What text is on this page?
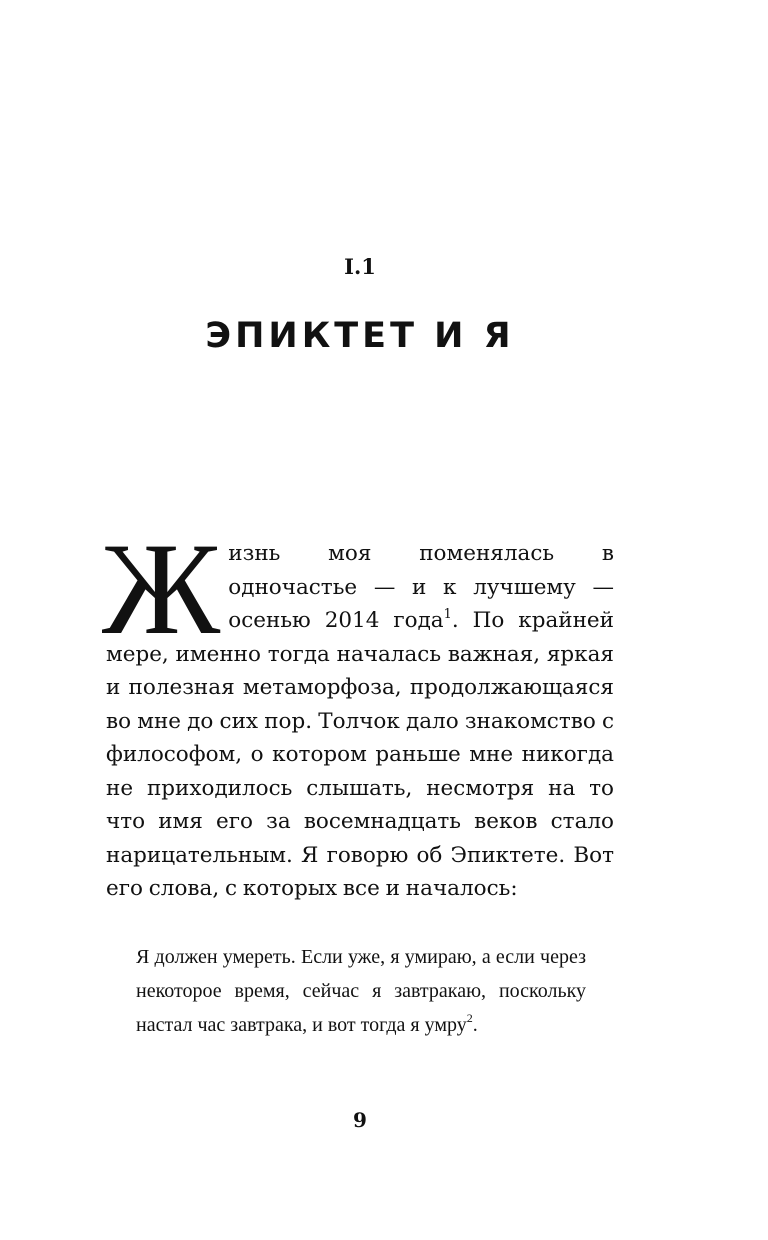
I.1
ЭПИКТЕТ И Я
Жизнь моя поменялась в одночастье — и к лучшему — осенью 2014 года$^1$. По крайней мере, именно тогда началась важная, яркая и полезная метаморфоза, продолжающаяся во мне до сих пор. Толчок дало знакомство с философом, о котором раньше мне никогда не приходилось слышать, несмотря на то что имя его за восемнадцать веков стало нарицательным. Я говорю об Эпиктете. Вот его слова, с которых все и началось:
Я должен умереть. Если уже, я умираю, а если через некоторое время, сейчас я завтракаю, поскольку настал час завтрака, и вот тогда я умру$^2$.
9
